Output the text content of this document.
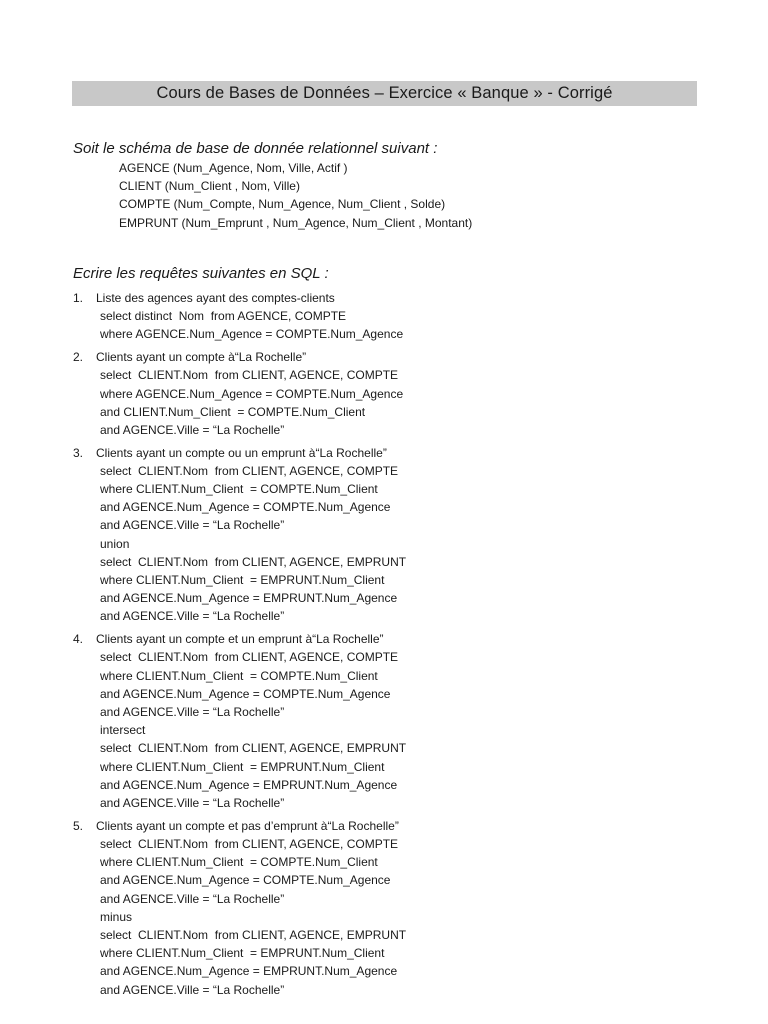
Cours de Bases de Données – Exercice « Banque » - Corrigé
Soit le schéma de base de donnée relationnel suivant :
AGENCE (Num_Agence, Nom, Ville, Actif )
CLIENT (Num_Client , Nom, Ville)
COMPTE (Num_Compte, Num_Agence, Num_Client , Solde)
EMPRUNT (Num_Emprunt , Num_Agence, Num_Client , Montant)
Ecrire les requêtes suivantes en SQL :
1.	Liste des agences ayant des comptes-clients
select distinct  Nom  from AGENCE, COMPTE
where AGENCE.Num_Agence = COMPTE.Num_Agence
2.	Clients ayant un compte à“La Rochelle”
select  CLIENT.Nom  from CLIENT, AGENCE, COMPTE
where AGENCE.Num_Agence = COMPTE.Num_Agence
and CLIENT.Num_Client  = COMPTE.Num_Client
and AGENCE.Ville = “La Rochelle”
3.	Clients ayant un compte ou un emprunt à“La Rochelle”
select  CLIENT.Nom  from CLIENT, AGENCE, COMPTE
where CLIENT.Num_Client  = COMPTE.Num_Client
and AGENCE.Num_Agence = COMPTE.Num_Agence
and AGENCE.Ville = “La Rochelle”
union
select  CLIENT.Nom  from CLIENT, AGENCE, EMPRUNT
where CLIENT.Num_Client  = EMPRUNT.Num_Client
and AGENCE.Num_Agence = EMPRUNT.Num_Agence
and AGENCE.Ville = “La Rochelle”
4.	Clients ayant un compte et un emprunt à“La Rochelle”
select  CLIENT.Nom  from CLIENT, AGENCE, COMPTE
where CLIENT.Num_Client  = COMPTE.Num_Client
and AGENCE.Num_Agence = COMPTE.Num_Agence
and AGENCE.Ville = “La Rochelle”
intersect
select  CLIENT.Nom  from CLIENT, AGENCE, EMPRUNT
where CLIENT.Num_Client  = EMPRUNT.Num_Client
and AGENCE.Num_Agence = EMPRUNT.Num_Agence
and AGENCE.Ville = “La Rochelle”
5.	Clients ayant un compte et pas d’emprunt à“La Rochelle”
select  CLIENT.Nom  from CLIENT, AGENCE, COMPTE
where CLIENT.Num_Client  = COMPTE.Num_Client
and AGENCE.Num_Agence = COMPTE.Num_Agence
and AGENCE.Ville = “La Rochelle”
minus
select  CLIENT.Nom  from CLIENT, AGENCE, EMPRUNT
where CLIENT.Num_Client  = EMPRUNT.Num_Client
and AGENCE.Num_Agence = EMPRUNT.Num_Agence
and AGENCE.Ville = “La Rochelle”
